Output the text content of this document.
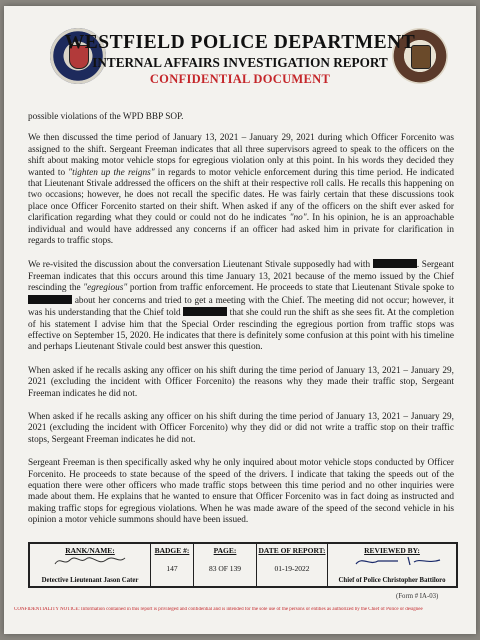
WESTFIELD POLICE DEPARTMENT
INTERNAL AFFAIRS INVESTIGATION REPORT
CONFIDENTIAL DOCUMENT

possible violations of the WPD BBP SOP.

We then discussed the time period of January 13, 2021 – January 29, 2021 during which Officer Forcenito was assigned to the shift. Sergeant Freeman indicates that all three supervisors agreed to speak to the officers on the shift about making motor vehicle stops for egregious violation only at this point. In his words they decided they wanted to "tighten up the reigns" in regards to motor vehicle enforcement during this time period. He indicated that Lieutenant Stivale addressed the officers on the shift at their respective roll calls. He recalls this happening on two occasions; however, he does not recall the specific dates. He was fairly certain that these discussions took place once Officer Forcenito started on their shift. When asked if any of the officers on the shift ever asked for clarification regarding what they could or could not do he indicates "no". In his opinion, he is an approachable individual and would have addressed any concerns if an officer had asked him in private for clarification in regards to traffic stops.

We re-visited the discussion about the conversation Lieutenant Stivale supposedly had with	. Sergeant Freeman indicates that this occurs around this time January 13, 2021 because of the memo issued by the Chief rescinding the "egregious" portion from traffic enforcement. He proceeds to state that Lieutenant Stivale spoke to  about her concerns and tried to get a meeting with the Chief. The meeting did not occur; however, it was his understanding that the Chief told	that she could run the shift as she sees fit. At the completion of his statement I advise him that the Special Order rescinding the egregious portion from traffic stops was effective on September 15, 2020. He indicates that there is definitely some confusion at this point with his timeline and perhaps Lieutenant Stivale could best answer this question.

When asked if he recalls asking any officer on his shift during the time period of January 13, 2021 – January 29, 2021 (excluding the incident with Officer Forcenito) the reasons why they made their traffic stop, Sergeant Freeman indicates he did not.

When asked if he recalls asking any officer on his shift during the time period of January 13, 2021 – January 29, 2021 (excluding the incident with Officer Forcenito) why they did or did not write a traffic stop on their traffic stops, Sergeant Freeman indicates he did not.

Sergeant Freeman is then specifically asked why he only inquired about motor vehicle stops conducted by Officer Forcenito. He proceeds to state because of the speed of the drivers. I indicate that taking the speeds out of the equation there were other officers who made traffic stops between this time period and no other inquiries were made about them. He explains that he wanted to ensure that Officer Forcenito was in fact doing as instructed and making traffic stops for egregious violations. When he was made aware of the speed of the second vehicle in his opinion a motor vehicle summons should have been issued.

RANK/NAME:
Detective Lieutenant Jason Cater
BADGE #:
147
PAGE:
83 OF 139
DATE OF REPORT:
01-19-2022
REVIEWED BY:
Chief of Police Christopher Battiloro
(Form # IA-03)
CONFIDENTIALITY NOTICE: Information contained in this report is privileged and confidential and is intended for the sole use of the persons or entities as authorized by the Chief of Police or designee
